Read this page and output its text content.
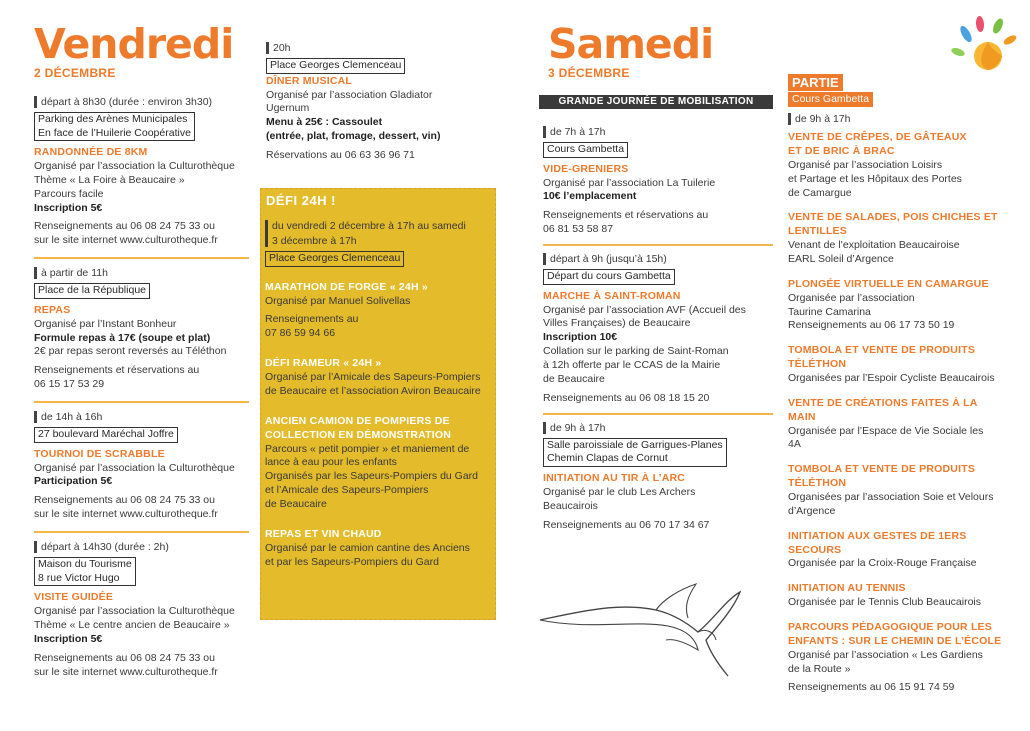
Vendredi
2 DÉCEMBRE
départ à 8h30 (durée : environ 3h30)
Parking des Arènes Municipales
En face de l’Huilerie Coopérative
RANDONNÉE DE 8KM
Organisé par l’association la Culturothèque
Thème « La Foire à Beaucaire »
Parcours facile
Inscription 5€
Renseignements au 06 08 24 75 33 ou
sur le site internet www.culturotheque.fr
à partir de 11h
Place de la République
REPAS
Organisé par l’Instant Bonheur
Formule repas à 17€ (soupe et plat)
2€ par repas seront reversés au Téléthon
Renseignements et réservations au
06 15 17 53 29
de 14h à 16h
27 boulevard Maréchal Joffre
TOURNOI DE SCRABBLE
Organisé par l’association la Culturothèque
Participation 5€
Renseignements au 06 08 24 75 33 ou
sur le site internet www.culturotheque.fr
départ à 14h30 (durée : 2h)
Maison du Tourisme
8 rue Victor Hugo
VISITE GUIDÉE
Organisé par l’association la Culturothèque
Thème « Le centre ancien de Beaucaire »
Inscription 5€
Renseignements au 06 08 24 75 33 ou
sur le site internet www.culturotheque.fr
20h
Place Georges Clemenceau
DÎNER MUSICAL
Organisé par l’association Gladiator
Ugernum
Menu à 25€ : Cassoulet
(entrée, plat, fromage, dessert, vin)
Réservations au 06 63 36 96 71
DÉFI 24H !
du vendredi 2 décembre à 17h au samedi
3 décembre à 17h
Place Georges Clemenceau
MARATHON DE FORGE « 24H »
Organisé par Manuel Solivellas
Renseignements au
07 86 59 94 66
DÉFI RAMEUR « 24H »
Organisé par l’Amicale des Sapeurs-Pompiers
de Beaucaire et l’association Aviron Beaucaire
ANCIEN CAMION DE POMPIERS DE
COLLECTION EN DÉMONSTRATION
Parcours « petit pompier » et maniement de
lance à eau pour les enfants
Organisés par les Sapeurs-Pompiers du Gard
et l’Amicale des Sapeurs-Pompiers
de Beaucaire
REPAS ET VIN CHAUD
Organisé par le camion cantine des Anciens
et par les Sapeurs-Pompiers du Gard
Samedi
3 DÉCEMBRE
GRANDE JOURNÉE DE MOBILISATION
de 7h à 17h
Cours Gambetta
VIDE-GRENIERS
Organisé par l’association La Tuilerie
10€ l’emplacement
Renseignements et réservations au
06 81 53 58 87
départ à 9h (jusqu’à 15h)
Départ du cours Gambetta
MARCHE À SAINT-ROMAN
Organisé par l’association AVF (Accueil des
Villes Françaises) de Beaucaire
Inscription 10€
Collation sur le parking de Saint-Roman
à 12h offerte par le CCAS de la Mairie
de Beaucaire
Renseignements au 06 08 18 15 20
de 9h à 17h
Salle paroissiale de Garrigues-Planes
Chemin Clapas de Cornut
INITIATION AU TIR À L’ARC
Organisé par le club Les Archers
Beaucairois
Renseignements au 06 70 17 34 67
PARTIE
Cours Gambetta
de 9h à 17h
VENTE DE CRÊPES, DE GÂTEAUX
ET DE BRIC À BRAC
Organisé par l’association Loisirs
et Partage et les Hôpitaux des Portes
de Camargue
VENTE DE SALADES, POIS CHICHES ET
LENTILLES
Venant de l’exploitation Beaucairoise
EARL Soleil d’Argence
PLONGÉE VIRTUELLE EN CAMARGUE
Organisée par l’association
Taurine Camarina
Renseignements au 06 17 73 50 19
TOMBOLA ET VENTE DE PRODUITS
TÉLÉTHON
Organisées par l’Espoir Cycliste Beaucairois
VENTE DE CRÉATIONS FAITES À LA
MAIN
Organisée par l’Espace de Vie Sociale les
4A
TOMBOLA ET VENTE DE PRODUITS
TÉLÉTHON
Organisées par l’association Soie et Velours
d’Argence
INITIATION AUX GESTES DE 1ERS SECOURS
Organisée par la Croix-Rouge Française
INITIATION AU TENNIS
Organisée par le Tennis Club Beaucairois
PARCOURS PÉDAGOGIQUE POUR LES
ENFANTS : SUR LE CHEMIN DE L’ÉCOLE
Organisé par l’association « Les Gardiens
de la Route »
Renseignements au 06 15 91 74 59
